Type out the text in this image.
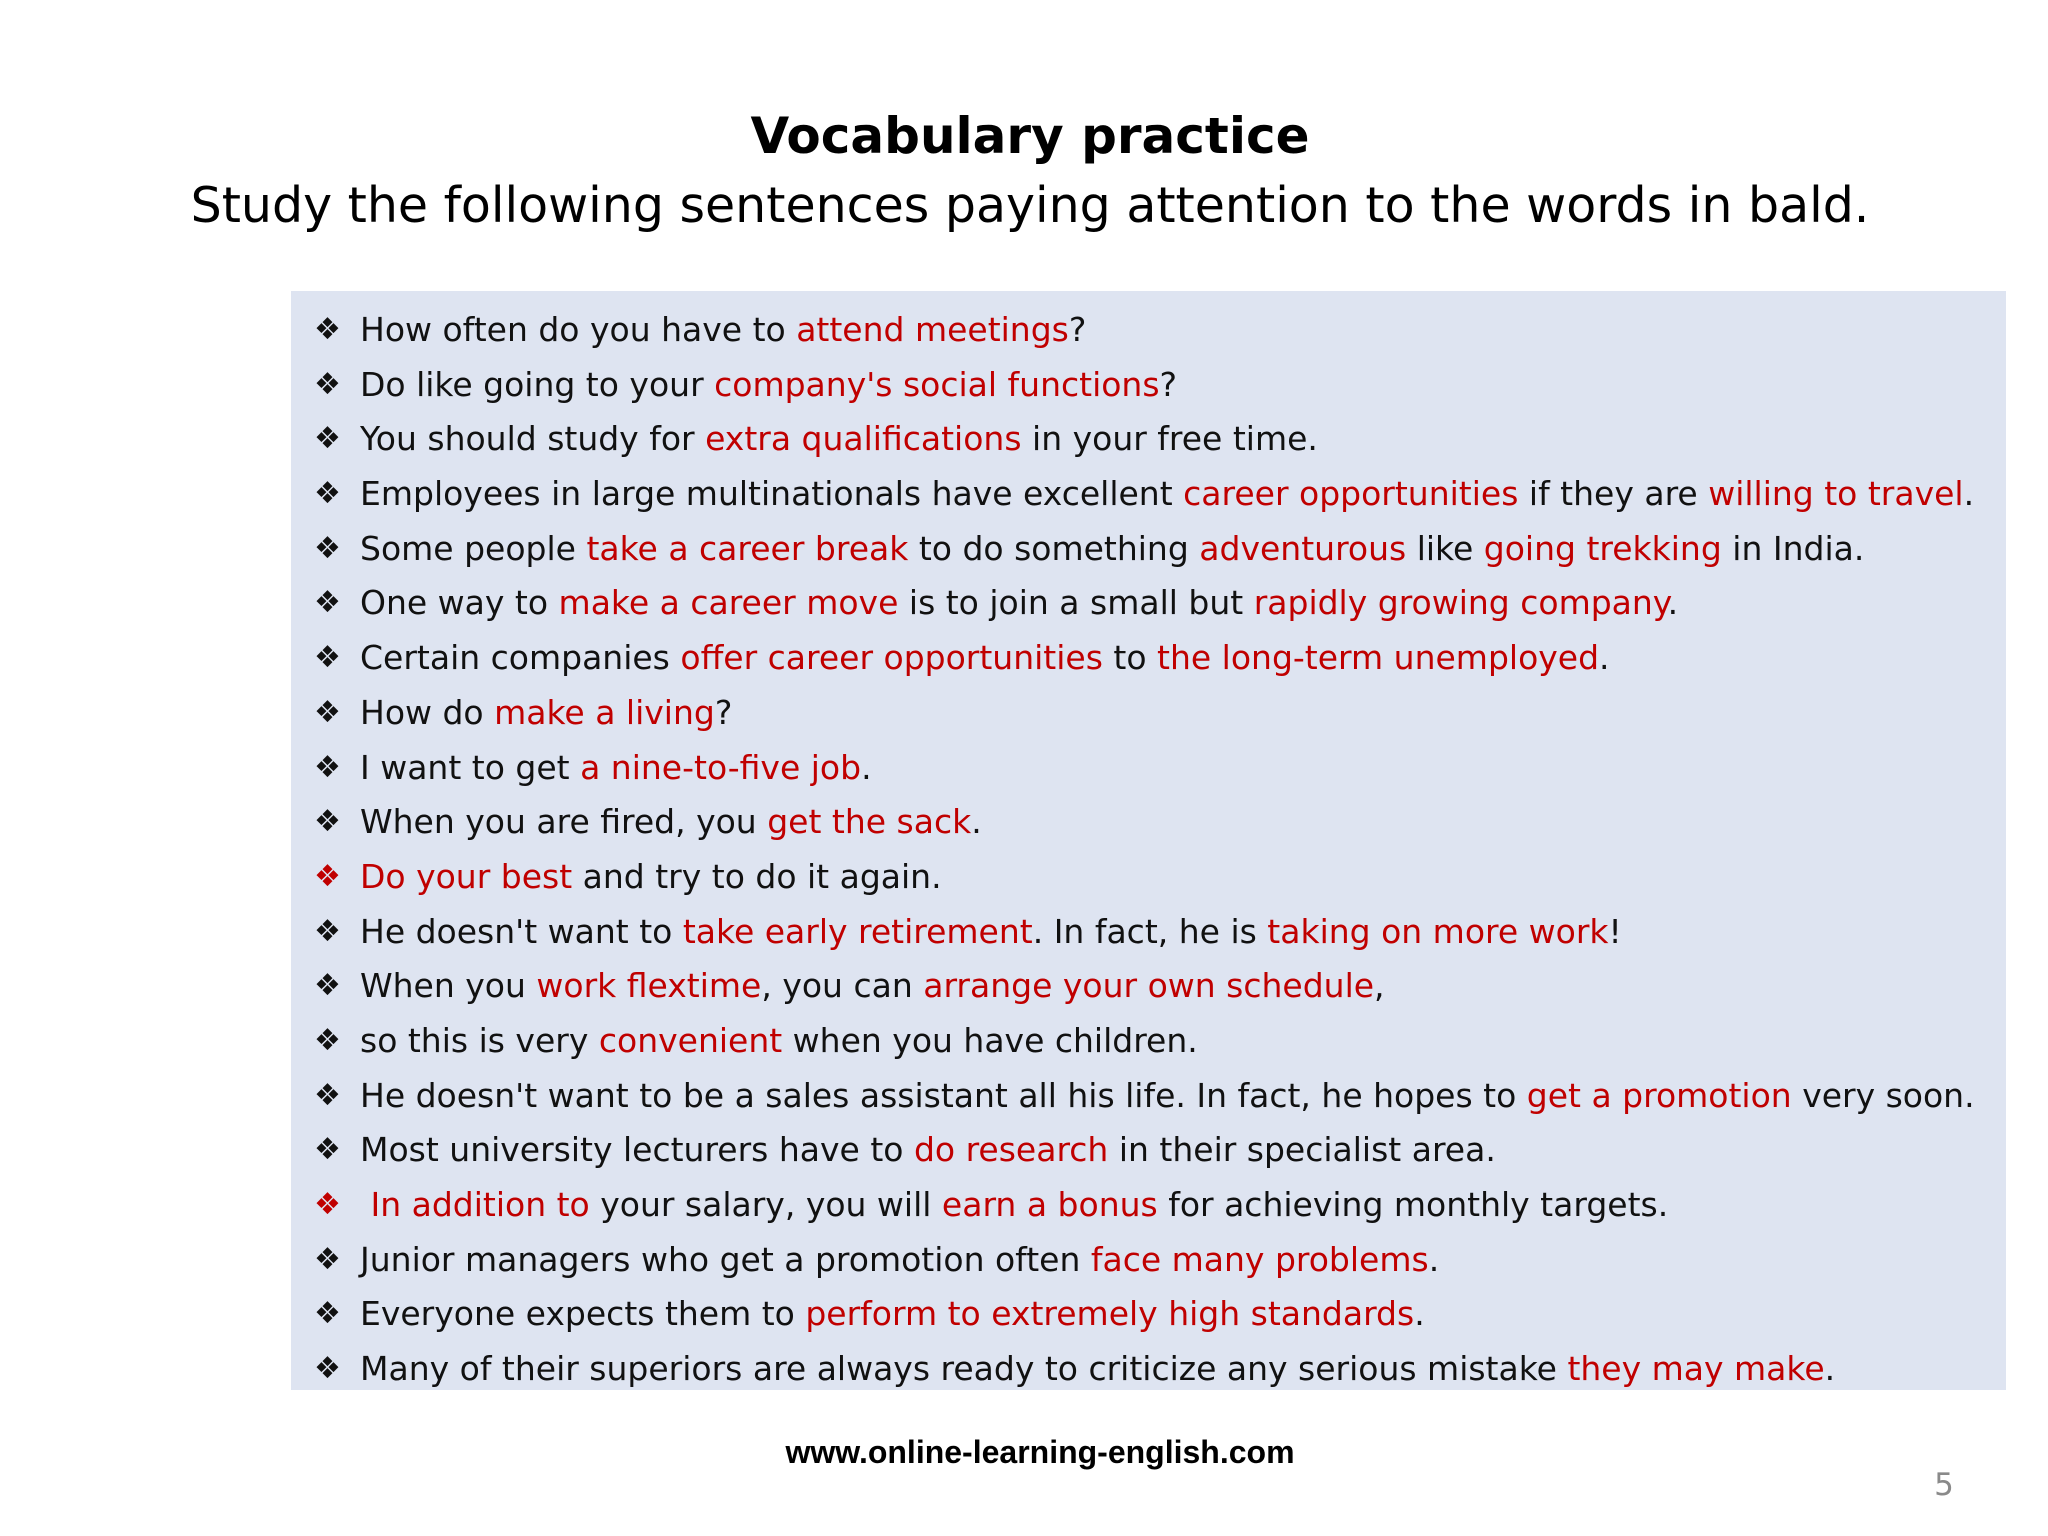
Vocabulary practice
Study the following sentences paying attention to the words in bald.
❖ How often do you have to attend meetings?
❖ Do like going to your company's social functions?
❖ You should study for extra qualifications in your free time.
❖ Employees in large multinationals have excellent career opportunities if they are willing to travel.
❖ Some people take a career break to do something adventurous like going trekking in India.
❖ One way to make a career move is to join a small but rapidly growing company.
❖ Certain companies offer career opportunities to the long-term unemployed.
❖ How do make a living?
❖ I want to get a nine-to-five job.
❖ When you are fired, you get the sack.
❖ Do your best and try to do it again.
❖ He doesn't want to take early retirement. In fact, he is taking on more work!
❖ When you work flextime, you can arrange your own schedule,
❖ so this is very convenient when you have children.
❖ He doesn't want to be a sales assistant all his life. In fact, he hopes to get a promotion very soon.
❖ Most university lecturers have to do research in their specialist area.
❖ In addition to your salary, you will earn a bonus for achieving monthly targets.
❖ Junior managers who get a promotion often face many problems.
❖ Everyone expects them to perform to extremely high standards.
❖ Many of their superiors are always ready to criticize any serious mistake they may make.
www.online-learning-english.com
5
